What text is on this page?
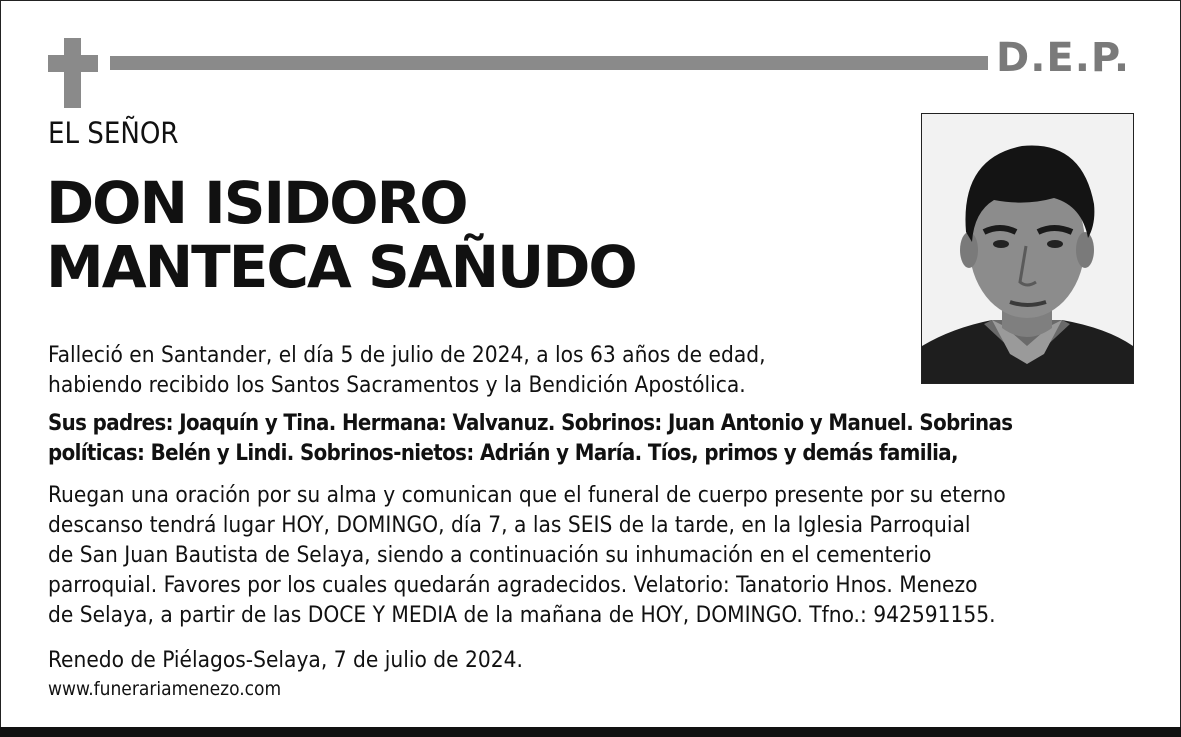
D.E.P.
EL SEÑOR
DON ISIDORO
MANTECA SAÑUDO
Falleció en Santander, el día 5 de julio de 2024, a los 63 años de edad,
habiendo recibido los Santos Sacramentos y la Bendición Apostólica.
Sus padres: Joaquín y Tina. Hermana: Valvanuz. Sobrinos: Juan Antonio y Manuel. Sobrinas
políticas: Belén y Lindi. Sobrinos-nietos: Adrián y María. Tíos, primos y demás familia,
Ruegan una oración por su alma y comunican que el funeral de cuerpo presente por su eterno
descanso tendrá lugar HOY, DOMINGO, día 7, a las SEIS de la tarde, en la Iglesia Parroquial
de San Juan Bautista de Selaya, siendo a continuación su inhumación en el cementerio
parroquial. Favores por los cuales quedarán agradecidos. Velatorio: Tanatorio Hnos. Menezo
de Selaya, a partir de las DOCE Y MEDIA de la mañana de HOY, DOMINGO. Tfno.: 942591155.
Renedo de Piélagos-Selaya, 7 de julio de 2024.
www.funerariamenezo.com
